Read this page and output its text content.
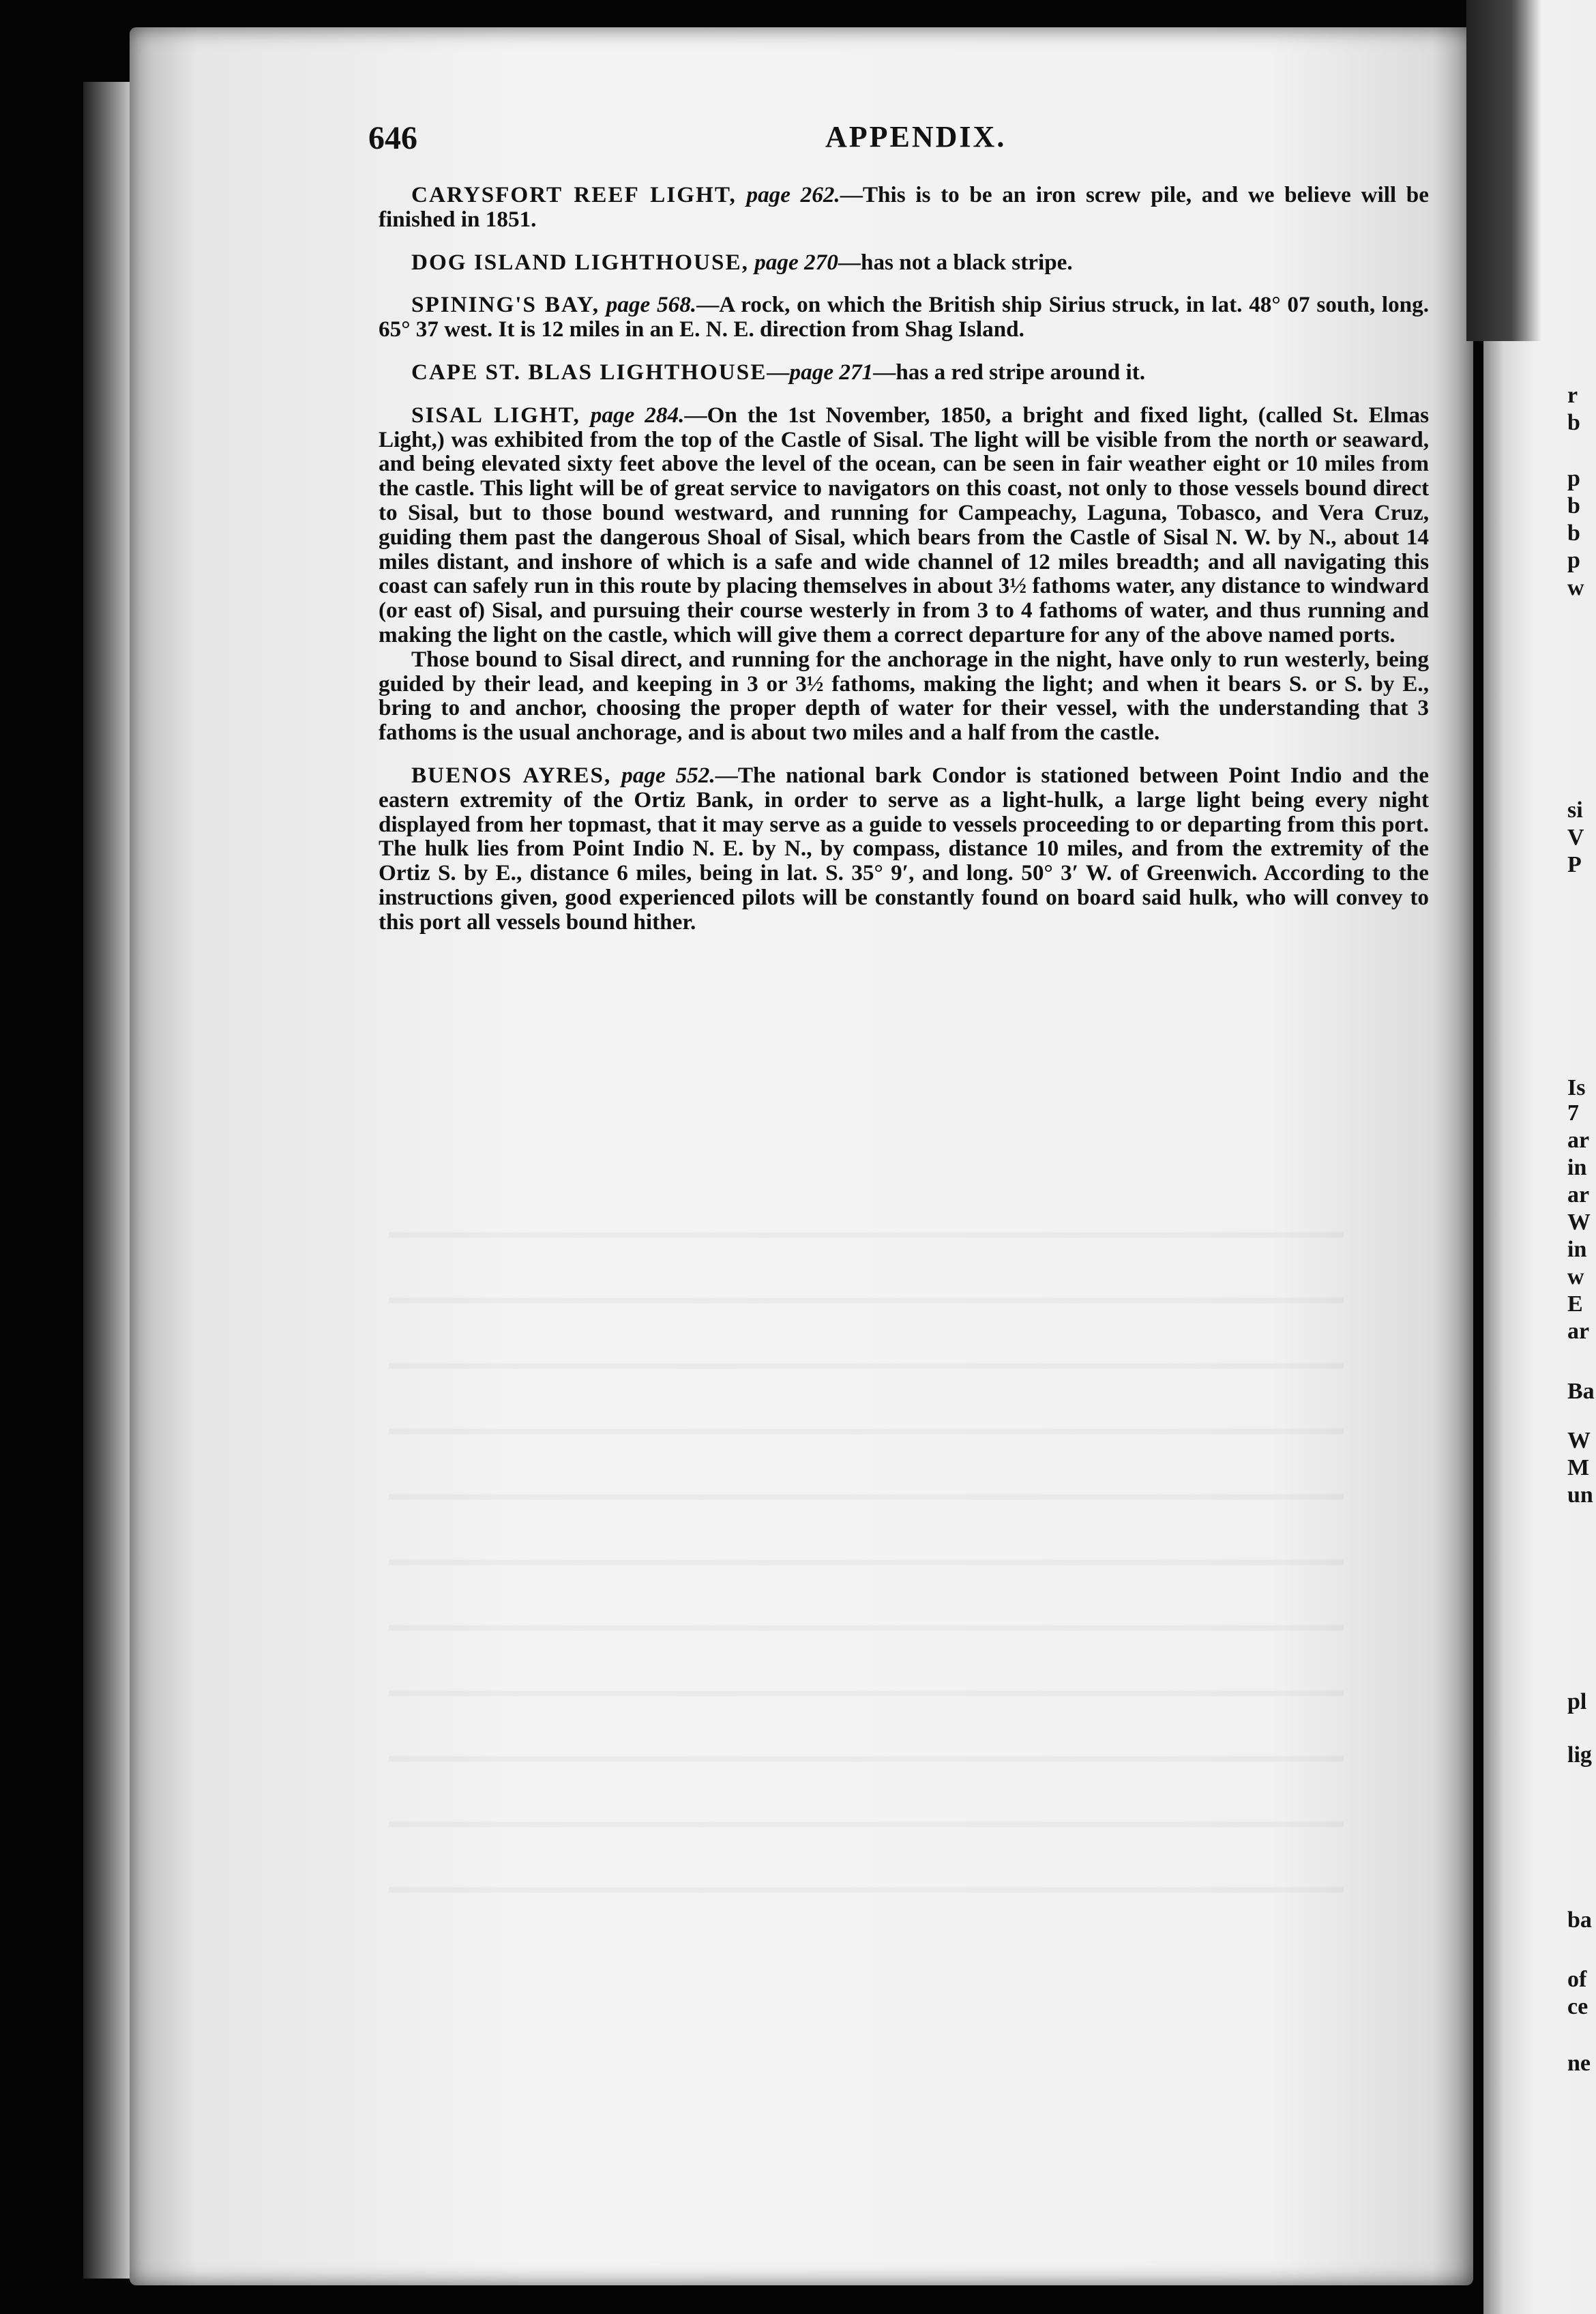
646	APPENDIX.

CARYSFORT REEF LIGHT, page 262.—This is to be an iron screw pile, and we believe will be finished in 1851.

DOG ISLAND LIGHTHOUSE, page 270—has not a black stripe.

SPINING'S BAY, page 568.—A rock, on which the British ship Sirius struck, in lat. 48° 07 south, long. 65° 37 west. It is 12 miles in an E. N. E. direction from Shag Island.

CAPE ST. BLAS LIGHTHOUSE—page 271—has a red stripe around it.

SISAL LIGHT, page 284.—On the 1st November, 1850, a bright and fixed light, (called St. Elmas Light,) was exhibited from the top of the Castle of Sisal. The light will be visible from the north or seaward, and being elevated sixty feet above the level of the ocean, can be seen in fair weather eight or 10 miles from the castle. This light will be of great service to navigators on this coast, not only to those vessels bound direct to Sisal, but to those bound westward, and running for Campeachy, Laguna, Tobasco, and Vera Cruz, guiding them past the dangerous Shoal of Sisal, which bears from the Castle of Sisal N. W. by N., about 14 miles distant, and inshore of which is a safe and wide channel of 12 miles breadth; and all navigating this coast can safely run in this route by placing themselves in about 3½ fathoms water, any distance to windward (or east of) Sisal, and pursuing their course westerly in from 3 to 4 fathoms of water, and thus running and making the light on the castle, which will give them a correct departure for any of the above named ports.

Those bound to Sisal direct, and running for the anchorage in the night, have only to run westerly, being guided by their lead, and keeping in 3 or 3½ fathoms, making the light; and when it bears S. or S. by E., bring to and anchor, choosing the proper depth of water for their vessel, with the understanding that 3 fathoms is the usual anchorage, and is about two miles and a half from the castle.

BUENOS AYRES, page 552.—The national bark Condor is stationed between Point Indio and the eastern extremity of the Ortiz Bank, in order to serve as a light-hulk, a large light being every night displayed from her topmast, that it may serve as a guide to vessels proceeding to or departing from this port. The hulk lies from Point Indio N. E. by N., by compass, distance 10 miles, and from the extremity of the Ortiz S. by E., distance 6 miles, being in lat. S. 35° 9′, and long. 50° 3′ W. of Greenwich. According to the instructions given, good experienced pilots will be constantly found on board said hulk, who will convey to this port all vessels bound hither.

r
b
p
b
b
p
w
si
V
P
Is
7
ar
in
ar
W
in
w
E
ar
Ba
W
M
un
pl
lig
ba
of
ce
ne
